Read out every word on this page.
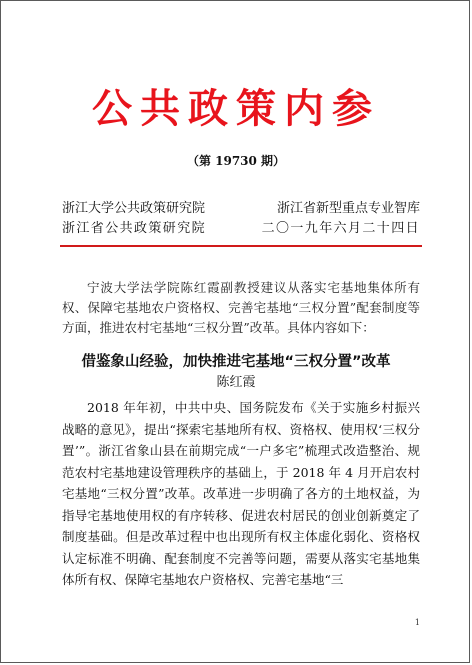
公共政策内参
（第 19730 期）
浙江大学公共政策研究院	浙江省新型重点专业智库
浙江省公共政策研究院	二〇一九年六月二十四日
宁波大学法学院陈红霞副教授建议从落实宅基地集体所有权、保障宅基地农户资格权、完善宅基地“三权分置”配套制度等方面，推进农村宅基地“三权分置”改革。具体内容如下：
借鉴象山经验，加快推进宅基地“三权分置”改革
陈红霞
2018 年年初，中共中央、国务院发布《关于实施乡村振兴战略的意见》，提出“探索宅基地所有权、资格权、使用权‘三权分置’”。浙江省象山县在前期完成“一户多宅”梳理式改造整治、规范农村宅基地建设管理秩序的基础上，于 2018 年 4 月开启农村宅基地“三权分置”改革。改革进一步明确了各方的土地权益，为指导宅基地使用权的有序转移、促进农村居民的创业创新奠定了制度基础。但是改革过程中也出现所有权主体虚化弱化、资格权认定标准不明确、配套制度不完善等问题，需要从落实宅基地集体所有权、保障宅基地农户资格权、完善宅基地“三
1
